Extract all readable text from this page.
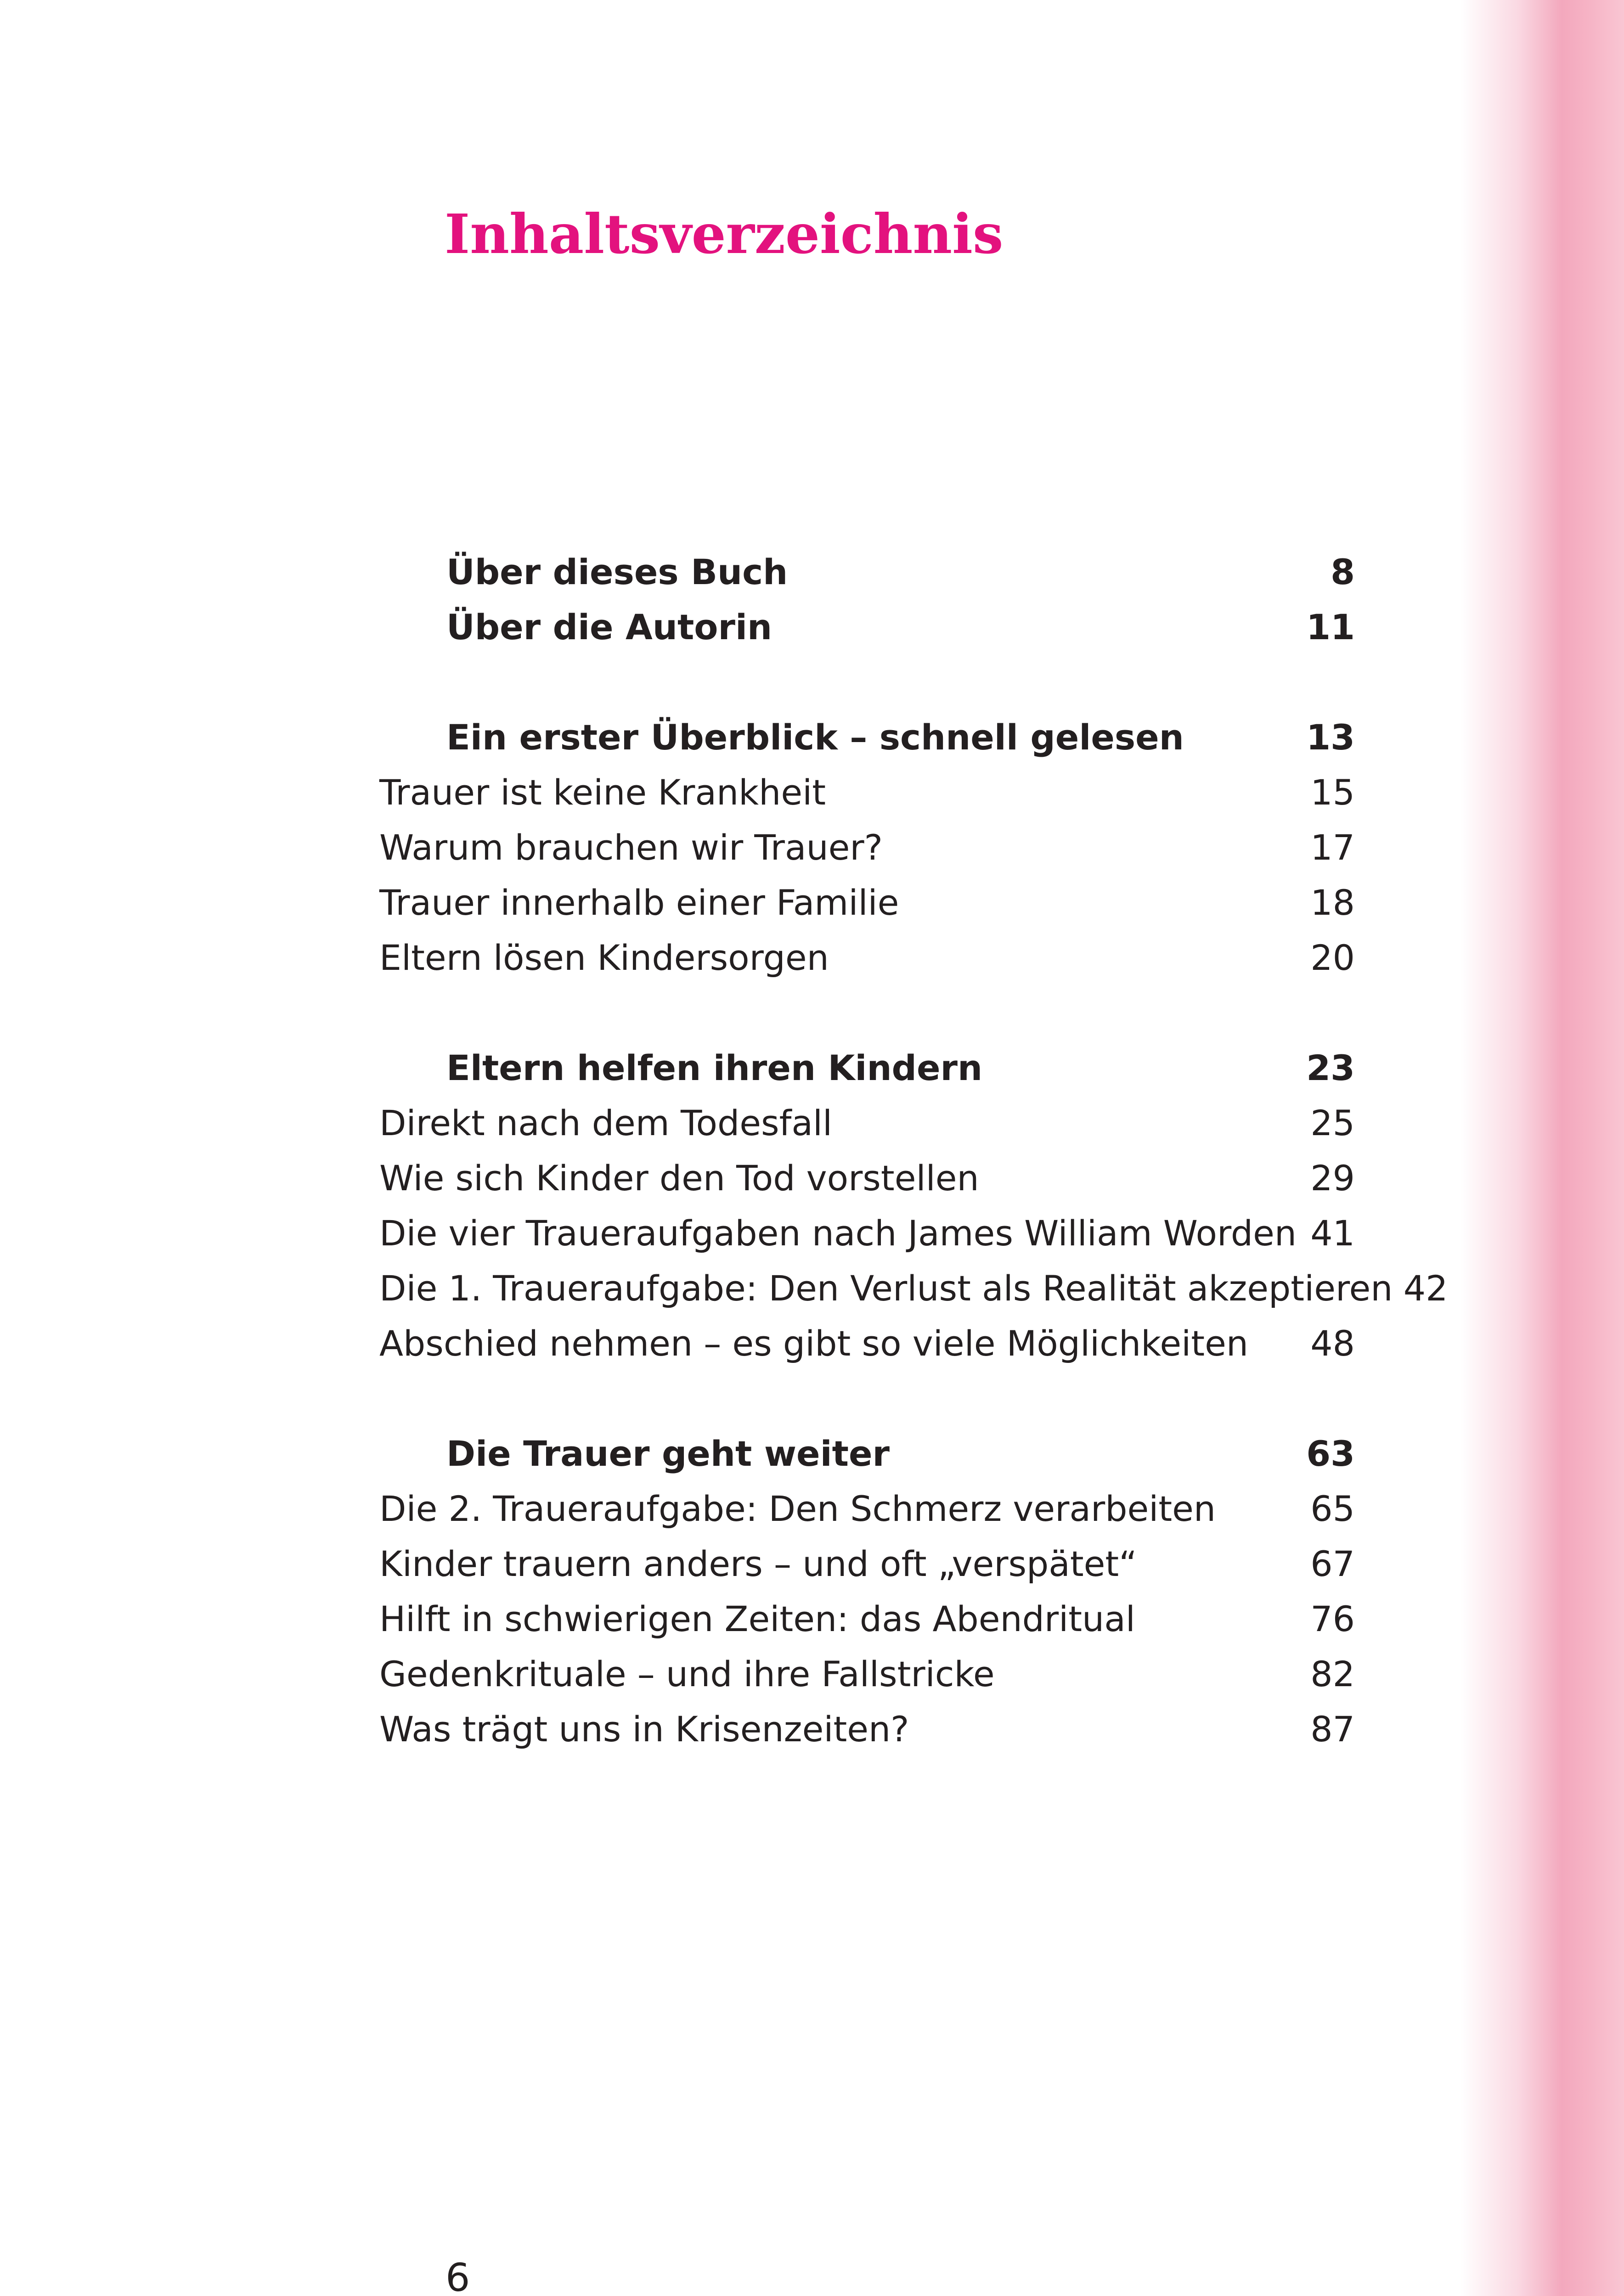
Inhaltsverzeichnis
Über dieses Buch	8
Über die Autorin	11
Ein erster Überblick – schnell gelesen	13
Trauer ist keine Krankheit	15
Warum brauchen wir Trauer?	17
Trauer innerhalb einer Familie	18
Eltern lösen Kindersorgen	20
Eltern helfen ihren Kindern	23
Direkt nach dem Todesfall	25
Wie sich Kinder den Tod vorstellen	29
Die vier Traueraufgaben nach James William Worden 41
Die 1. Traueraufgabe: Den Verlust als Realität akzeptieren 42
Abschied nehmen – es gibt so viele Möglichkeiten	48
Die Trauer geht weiter	63
Die 2. Traueraufgabe: Den Schmerz verarbeiten	65
Kinder trauern anders – und oft „verspätet“	67
Hilft in schwierigen Zeiten: das Abendritual	76
Gedenkrituale – und ihre Fallstricke	82
Was trägt uns in Krisenzeiten?	87
6
